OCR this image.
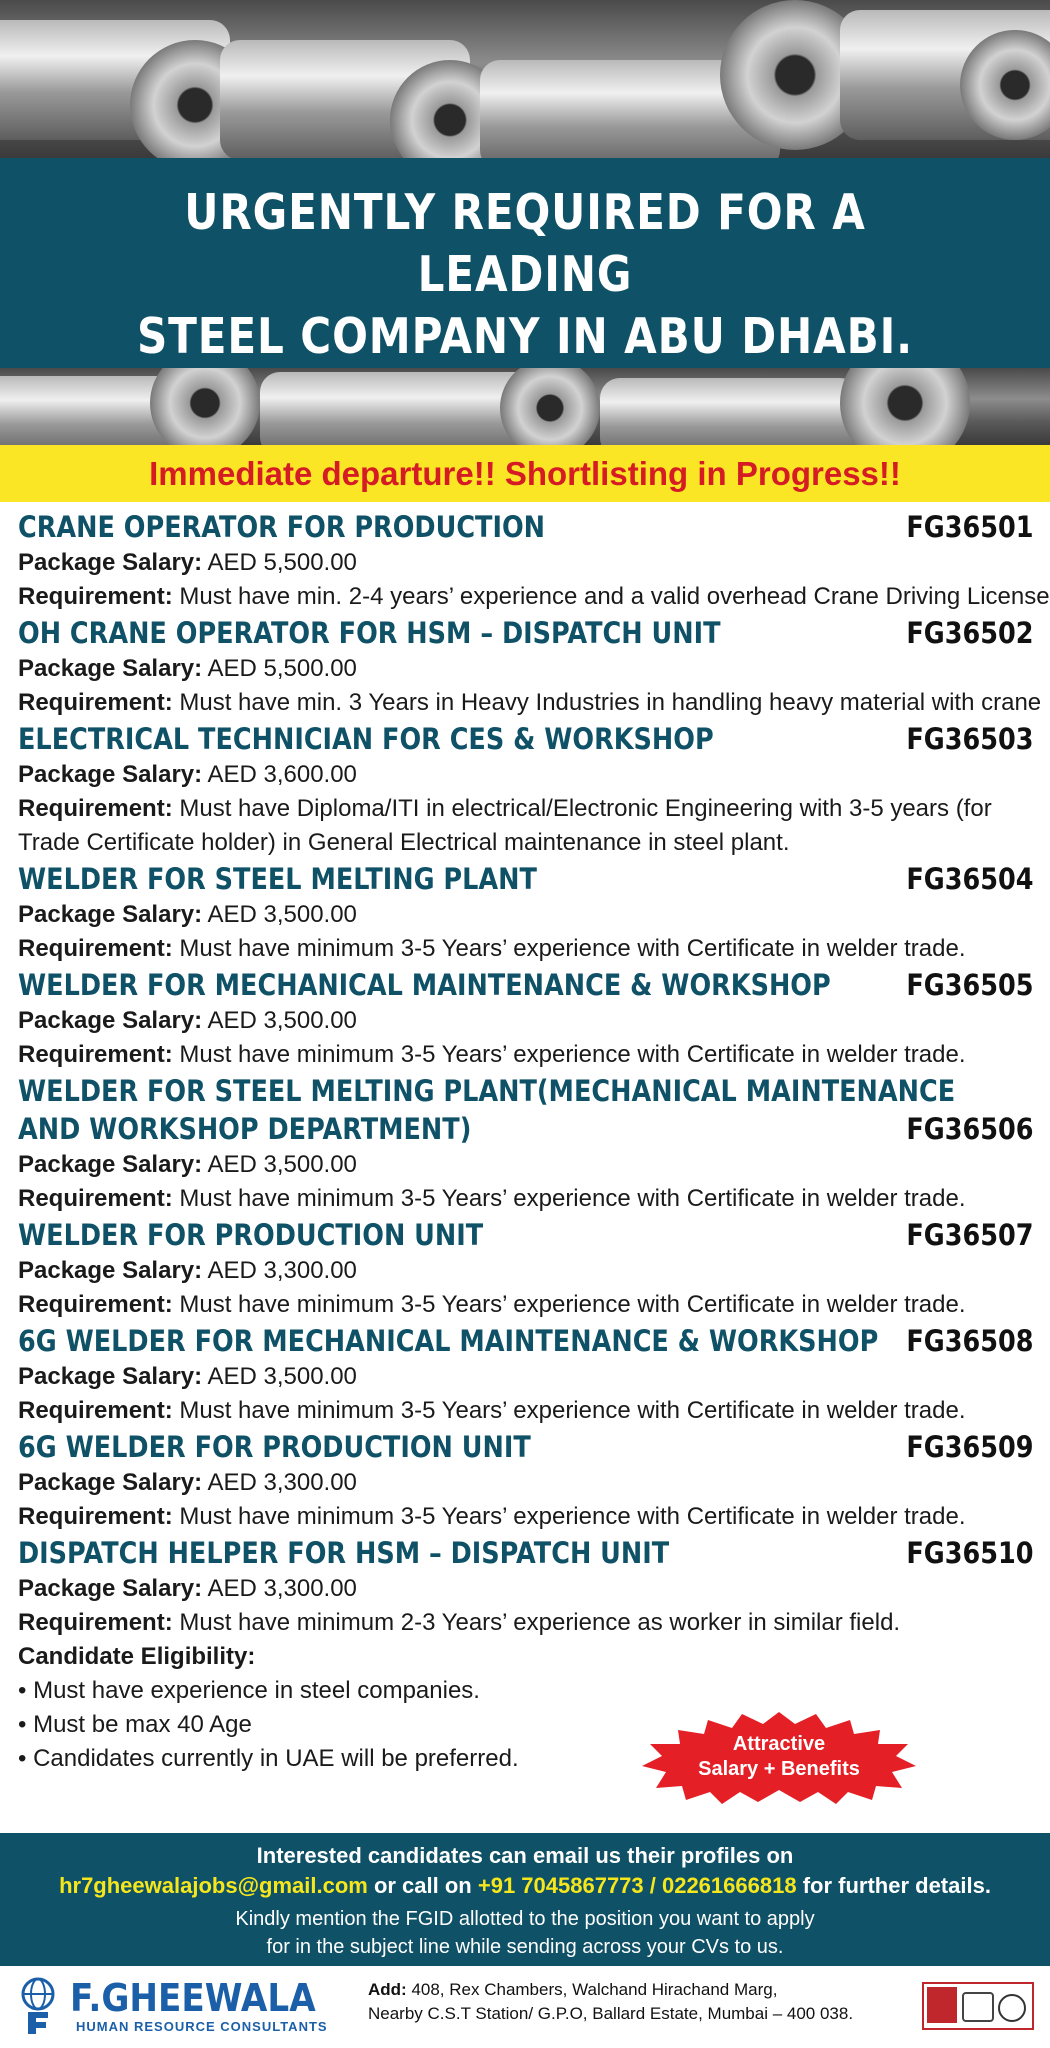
URGENTLY REQUIRED FOR A LEADING
STEEL COMPANY IN ABU DHABI.
Immediate departure!! Shortlisting in Progress!!
CRANE OPERATOR FOR PRODUCTION	FG36501
Package Salary: AED 5,500.00
Requirement: Must have min. 2-4 years’ experience and a valid overhead Crane Driving License
OH CRANE OPERATOR FOR HSM – DISPATCH UNIT	FG36502
Package Salary: AED 5,500.00
Requirement: Must have min. 3 Years in Heavy Industries in handling heavy material with crane
ELECTRICAL TECHNICIAN FOR CES & WORKSHOP	FG36503
Package Salary: AED 3,600.00
Requirement: Must have Diploma/ITI in electrical/Electronic Engineering with 3-5 years (for Trade Certificate holder) in General Electrical maintenance in steel plant.
WELDER FOR STEEL MELTING PLANT	FG36504
Package Salary: AED 3,500.00
Requirement: Must have minimum 3-5 Years’ experience with Certificate in welder trade.
WELDER FOR MECHANICAL MAINTENANCE & WORKSHOP	FG36505
Package Salary: AED 3,500.00
Requirement: Must have minimum 3-5 Years’ experience with Certificate in welder trade.
WELDER FOR STEEL MELTING PLANT(MECHANICAL MAINTENANCE AND WORKSHOP DEPARTMENT)	FG36506
Package Salary: AED 3,500.00
Requirement: Must have minimum 3-5 Years’ experience with Certificate in welder trade.
WELDER FOR PRODUCTION UNIT	FG36507
Package Salary: AED 3,300.00
Requirement: Must have minimum 3-5 Years’ experience with Certificate in welder trade.
6G WELDER FOR MECHANICAL MAINTENANCE & WORKSHOP FG36508
Package Salary: AED 3,500.00
Requirement: Must have minimum 3-5 Years’ experience with Certificate in welder trade.
6G WELDER FOR PRODUCTION UNIT	FG36509
Package Salary: AED 3,300.00
Requirement: Must have minimum 3-5 Years’ experience with Certificate in welder trade.
DISPATCH HELPER FOR HSM – DISPATCH UNIT	FG36510
Package Salary: AED 3,300.00
Requirement: Must have minimum 2-3 Years’ experience as worker in similar field.
Candidate Eligibility:
• Must have experience in steel companies.
• Must be max 40 Age
• Candidates currently in UAE will be preferred.
Attractive
Salary + Benefits
Interested candidates can email us their profiles on
hr7gheewalajobs@gmail.com or call on +91 7045867773 / 02261666818 for further details.
Kindly mention the FGID allotted to the position you want to apply
for in the subject line while sending across your CVs to us.
F.GHEEWALA
HUMAN RESOURCE CONSULTANTS
Add: 408, Rex Chambers, Walchand Hirachand Marg,
Nearby C.S.T Station/ G.P.O, Ballard Estate, Mumbai – 400 038.
